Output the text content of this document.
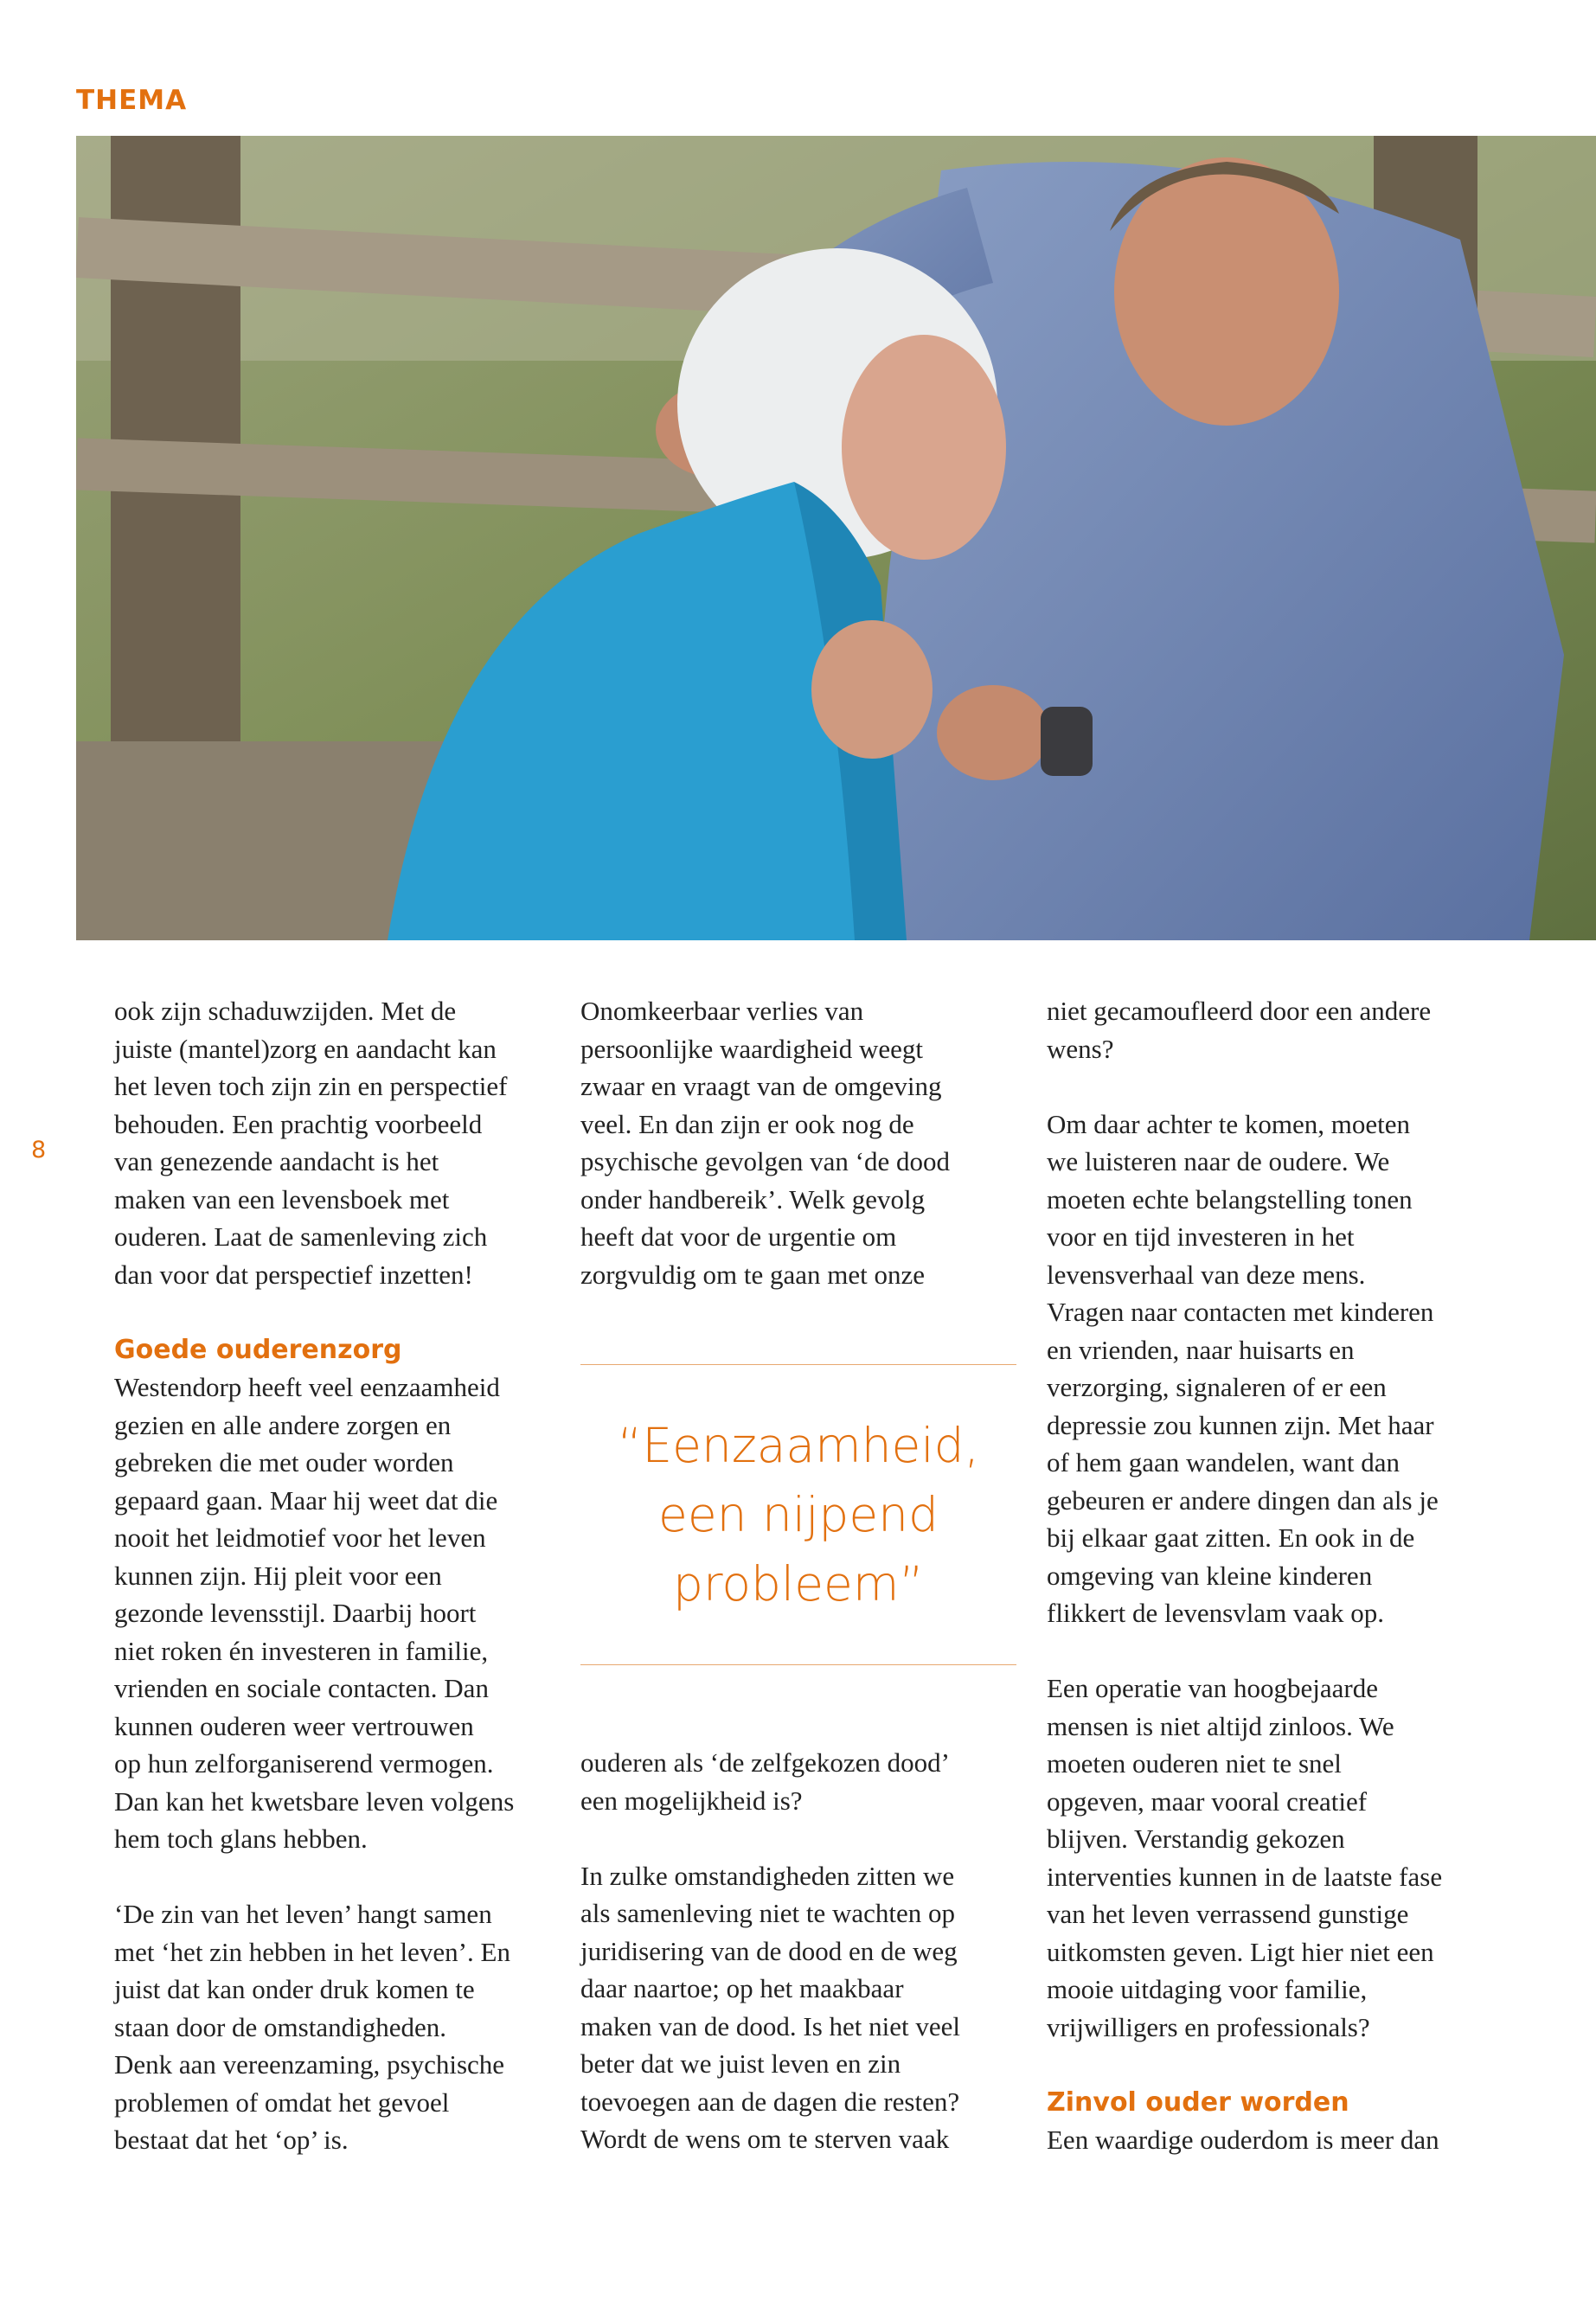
THEMA

8

ook zijn schaduwzijden. Met de
juiste (mantel)zorg en aandacht kan
het leven toch zijn zin en perspectief
behouden. Een prachtig voorbeeld
van genezende aandacht is het
maken van een levensboek met
ouderen. Laat de samenleving zich
dan voor dat perspectief inzetten!

Goede ouderenzorg

Westendorp heeft veel eenzaamheid
gezien en alle andere zorgen en
gebreken die met ouder worden
gepaard gaan. Maar hij weet dat die
nooit het leidmotief voor het leven
kunnen zijn. Hij pleit voor een
gezonde levensstijl. Daarbij hoort
niet roken én investeren in familie,
vrienden en sociale contacten. Dan
kunnen ouderen weer vertrouwen
op hun zelforganiserend vermogen.
Dan kan het kwetsbare leven volgens
hem toch glans hebben.

‘De zin van het leven’ hangt samen
met ‘het zin hebben in het leven’. En
juist dat kan onder druk komen te
staan door de omstandigheden.
Denk aan vereenzaming, psychische
problemen of omdat het gevoel
bestaat dat het ‘op’ is.

Onomkeerbaar verlies van
persoonlijke waardigheid weegt
zwaar en vraagt van de omgeving
veel. En dan zijn er ook nog de
psychische gevolgen van ‘de dood
onder handbereik’. Welk gevolg
heeft dat voor de urgentie om
zorgvuldig om te gaan met onze

“Eenzaamheid,
een nijpend
probleem”

ouderen als ‘de zelfgekozen dood’
een mogelijkheid is?

In zulke omstandigheden zitten we
als samenleving niet te wachten op
juridisering van de dood en de weg
daar naartoe; op het maakbaar
maken van de dood. Is het niet veel
beter dat we juist leven en zin
toevoegen aan de dagen die resten?
Wordt de wens om te sterven vaak

niet gecamoufleerd door een andere
wens?

Om daar achter te komen, moeten
we luisteren naar de oudere. We
moeten echte belangstelling tonen
voor en tijd investeren in het
levensverhaal van deze mens.
Vragen naar contacten met kinderen
en vrienden, naar huisarts en
verzorging, signaleren of er een
depressie zou kunnen zijn. Met haar
of hem gaan wandelen, want dan
gebeuren er andere dingen dan als je
bij elkaar gaat zitten. En ook in de
omgeving van kleine kinderen
flikkert de levensvlam vaak op.

Een operatie van hoogbejaarde
mensen is niet altijd zinloos. We
moeten ouderen niet te snel
opgeven, maar vooral creatief
blijven. Verstandig gekozen
interventies kunnen in de laatste fase
van het leven verrassend gunstige
uitkomsten geven. Ligt hier niet een
mooie uitdaging voor familie,
vrijwilligers en professionals?

Zinvol ouder worden

Een waardige ouderdom is meer dan
